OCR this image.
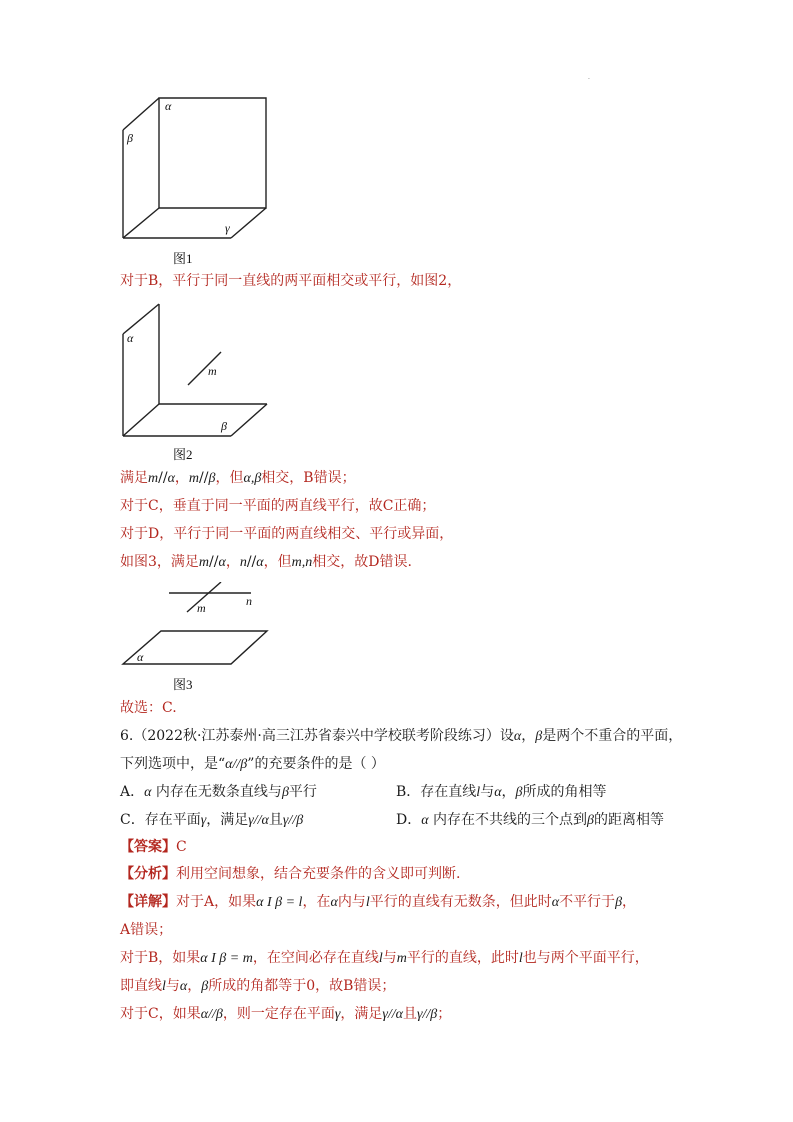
.
α
β
γ
图1
对于B，平行于同一直线的两平面相交或平行，如图2，
α
m
β
图2
满足m//α，m//β，但α,β相交，B错误；
对于C，垂直于同一平面的两直线平行，故C正确；
对于D，平行于同一平面的两直线相交、平行或异面，
如图3，满足m//α，n//α，但m,n相交，故D错误.
m	n
α
图3
故选：C.
6.（2022秋·江苏泰州·高三江苏省泰兴中学校联考阶段练习）设α，β是两个不重合的平面，
下列选项中，是“α//β”的充要条件的是（ ）
A．α 内存在无数条直线与β平行	B．存在直线l与α，β所成的角相等
C．存在平面γ，满足γ//α且γ//β	D．α 内存在不共线的三个点到β的距离相等
【答案】C
【分析】利用空间想象，结合充要条件的含义即可判断.
【详解】对于A，如果α I β = l，在α内与l平行的直线有无数条，但此时α不平行于β，
A错误；
对于B，如果α I β = m，在空间必存在直线l与m平行的直线，此时l也与两个平面平行，
即直线l与α，β所成的角都等于0，故B错误；
对于C，如果α//β，则一定存在平面γ，满足γ//α且γ//β；
